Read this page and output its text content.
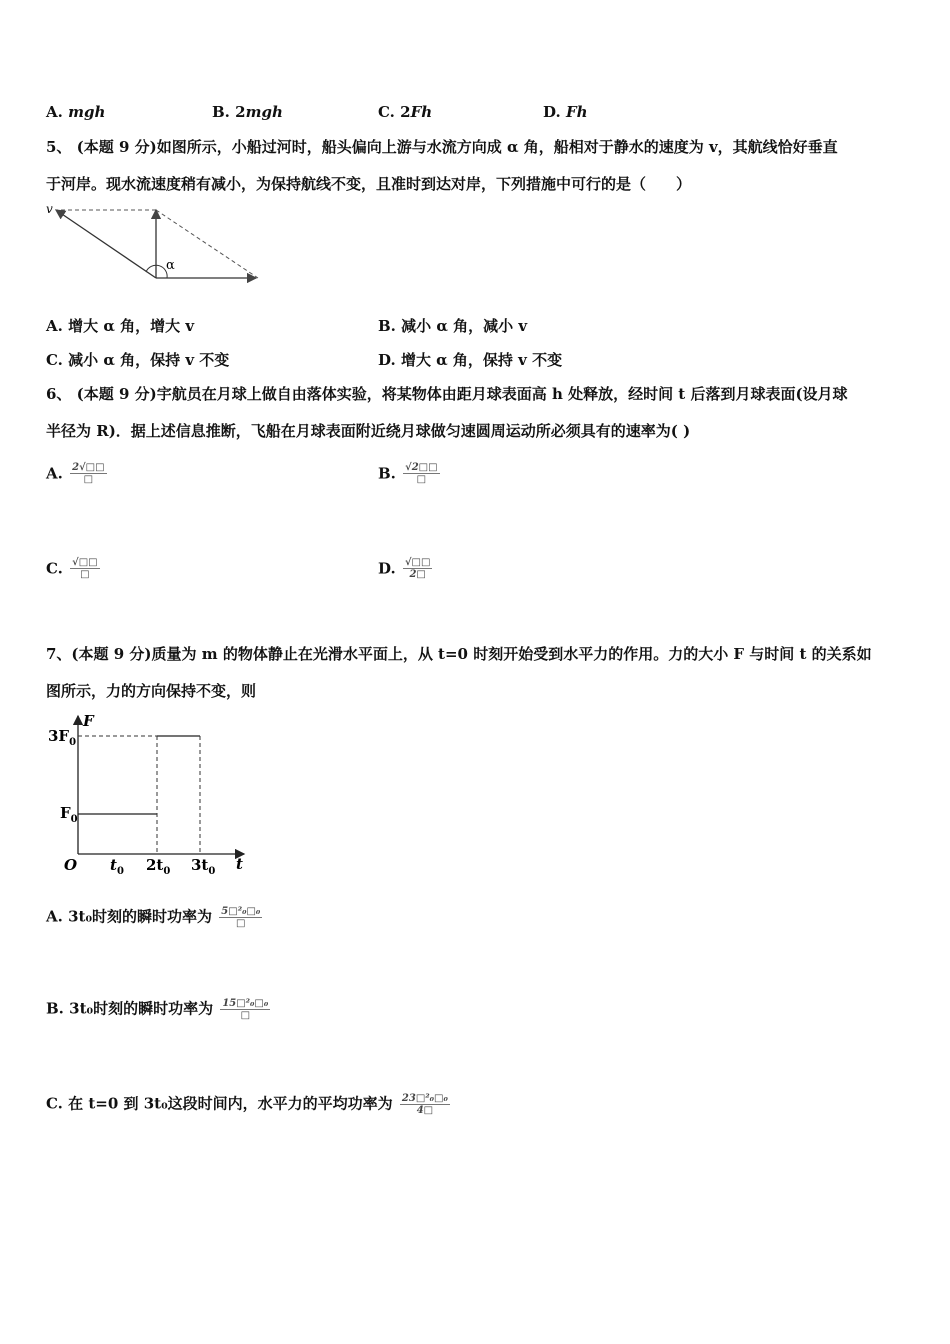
A. mgh	B. 2mgh	C. 2Fh	D. Fh
5、 (本题 9 分)如图所示，小船过河时，船头偏向上游与水流方向成 α 角，船相对于静水的速度为 v，其航线恰好垂直
于河岸。现水流速度稍有减小，为保持航线不变，且准时到达对岸，下列措施中可行的是（　　）
v
α
A. 增大 α 角，增大 v	B. 减小 α 角，减小 v
C. 减小 α 角，保持 v 不变	D. 增大 α 角，保持 v 不变
6、 (本题 9 分)宇航员在月球上做自由落体实验，将某物体由距月球表面高 h 处释放，经时间 t 后落到月球表面(设月球
半径为 R)．据上述信息推断，飞船在月球表面附近绕月球做匀速圆周运动所必须具有的速率为( )
A. $\frac{2√□□}{□}$	B. $\frac{√2□□}{□}$
C. $\frac{√□□}{□}$	D. $\frac{√□□}{2□}$
7、(本题 9 分)质量为 m 的物体静止在光滑水平面上，从 t=0 时刻开始受到水平力的作用。力的大小 F 与时间 t 的关系如
图所示，力的方向保持不变，则
F
t
O
$3F_0$
$F_0$
$t_0$ $2t_0$ $3t_0$
A. 3t₀时刻的瞬时功率为 $\frac{\text{5□²₀□₀}}{□}$
B. 3t₀时刻的瞬时功率为 $\frac{\text{15□²₀□₀}}{□}$
C. 在 t=0 到 3t₀这段时间内，水平力的平均功率为 $\frac{\text{23□²₀□₀}}{4□}$
